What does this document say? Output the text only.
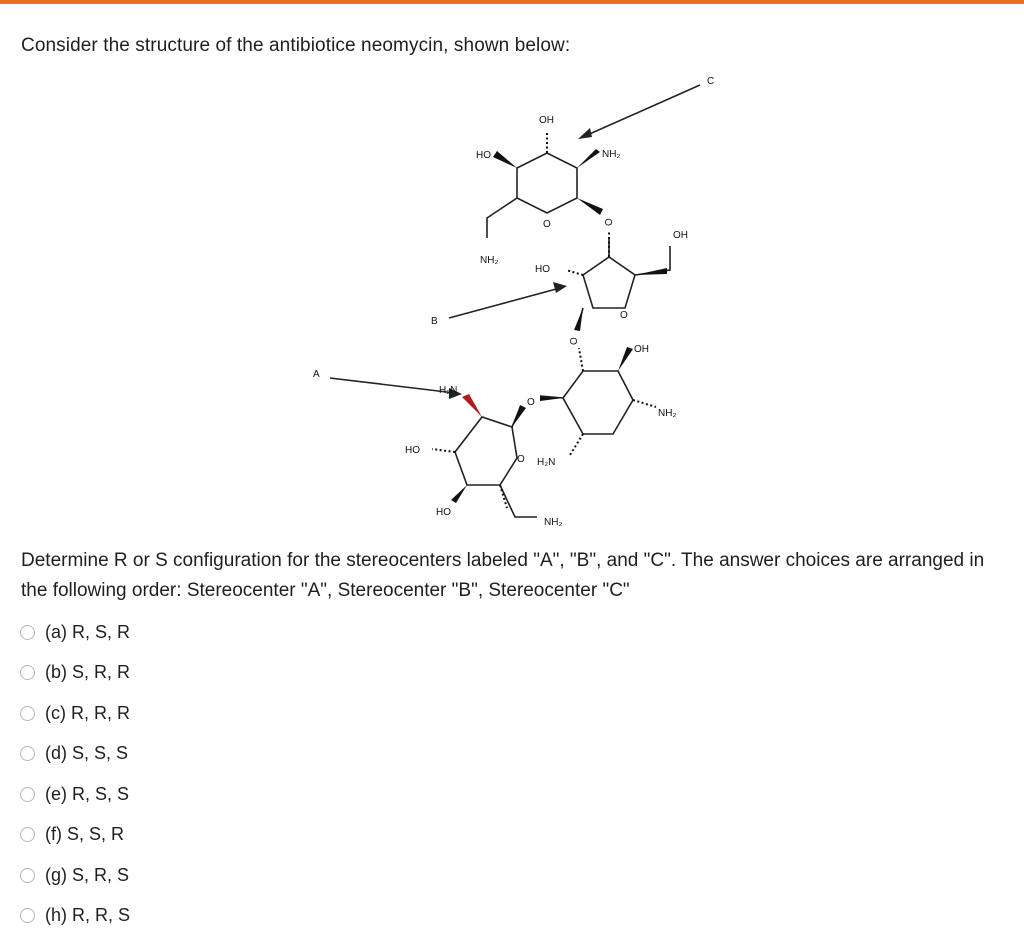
Consider the structure of the antibiotice neomycin, shown below:
A
B
C
OH
HO	NH₂
NH₂
O	O
HO
O
OH
O
OH
NH₂
H₂N
O
H₂N
HO
O
HO
NH₂
Determine R or S configuration for the stereocenters labeled "A", "B", and "C". The answer choices are arranged in the following order: Stereocenter "A", Stereocenter "B", Stereocenter "C"
(a) R, S, R
(b) S, R, R
(c) R, R, R
(d) S, S, S
(e) R, S, S
(f) S, S, R
(g) S, R, S
(h) R, R, S
